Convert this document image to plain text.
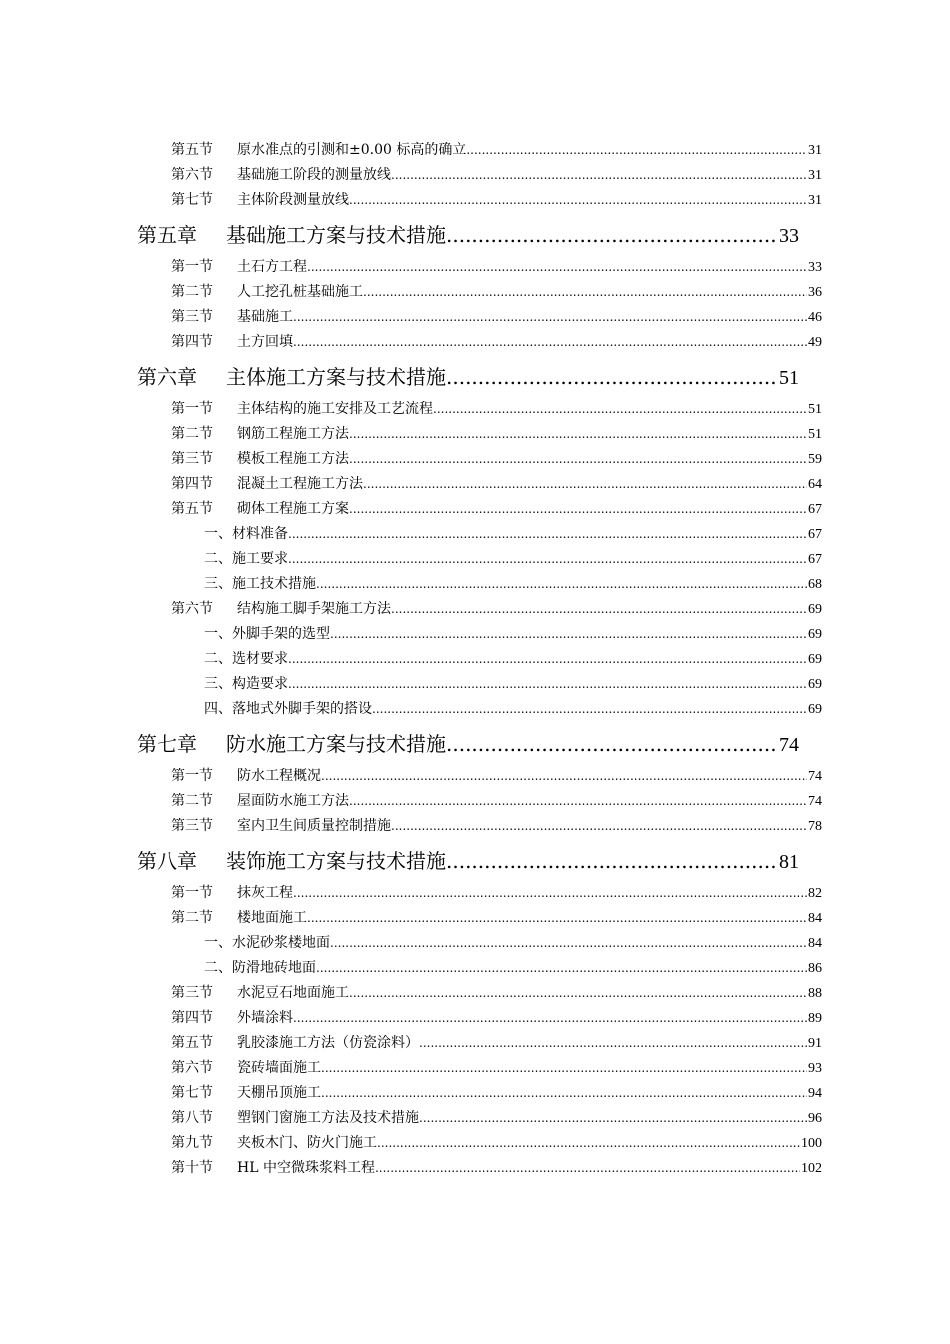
第五节	原水准点的引测和±0.00 标高的确立 .....	31
第六节	基础施工阶段的测量放线 .....	31
第七节	主体阶段测量放线 .....	31
第五章	基础施工方案与技术措施 .....	33
第一节	土石方工程 .....	33
第二节	人工挖孔桩基础施工 .....	36
第三节	基础施工 .....	46
第四节	土方回填 .....	49
第六章	主体施工方案与技术措施 .....	51
第一节	主体结构的施工安排及工艺流程 .....	51
第二节	钢筋工程施工方法 .....	51
第三节	模板工程施工方法 .....	59
第四节	混凝土工程施工方法 .....	64
第五节	砌体工程施工方案 .....	67
一、材料准备 .....	67
二、施工要求 .....	67
三、施工技术措施 .....	68
第六节	结构施工脚手架施工方法 .....	69
一、外脚手架的选型 .....	69
二、选材要求 .....	69
三、构造要求 .....	69
四、落地式外脚手架的搭设 .....	69
第七章	防水施工方案与技术措施 .....	74
第一节	防水工程概况 .....	74
第二节	屋面防水施工方法 .....	74
第三节	室内卫生间质量控制措施 .....	78
第八章	装饰施工方案与技术措施 .....	81
第一节	抹灰工程 .....	82
第二节	楼地面施工 .....	84
一、水泥砂浆楼地面 .....	84
二、防滑地砖地面 .....	86
第三节	水泥豆石地面施工 .....	88
第四节	外墙涂料 .....	89
第五节	乳胶漆施工方法（仿瓷涂料） .....	91
第六节	瓷砖墙面施工 .....	93
第七节	天棚吊顶施工 .....	94
第八节	塑钢门窗施工方法及技术措施 .....	96
第九节	夹板木门、防火门施工 .....	100
第十节	HL 中空微珠浆料工程 .....	102
